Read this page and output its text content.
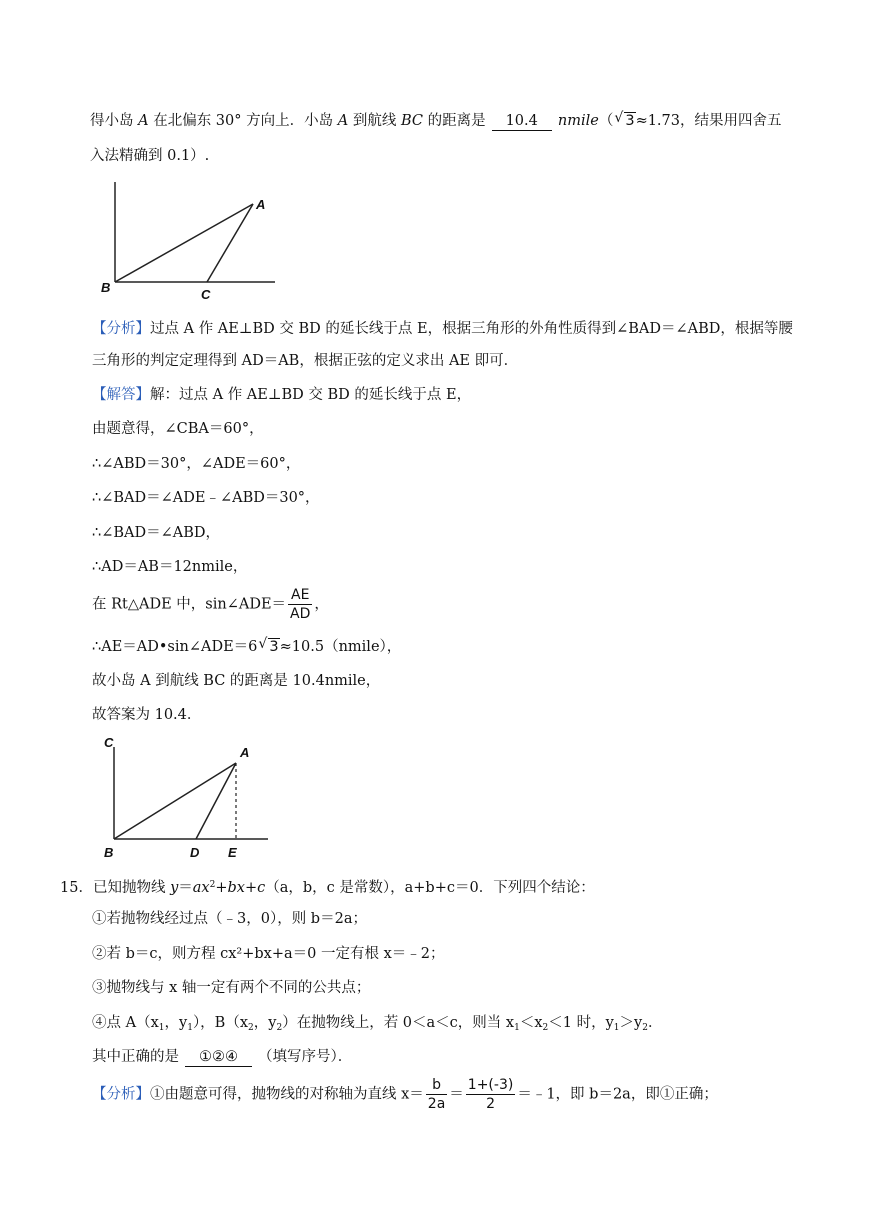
得小岛 A 在北偏东 30° 方向上．小岛 A 到航线 BC 的距离是 10.4 nmile（ √ 3≈1.73，结果用四舍五
入法精确到 0.1）.
A
B	C
【分析】过点 A 作 AE⊥BD 交 BD 的延长线于点 E，根据三角形的外角性质得到∠BAD＝∠ABD，根据等腰
三角形的判定定理得到 AD＝AB，根据正弦的定义求出 AE 即可．
【解答】解：过点 A 作 AE⊥BD 交 BD 的延长线于点 E，
由题意得，∠CBA＝60°，
∴∠ABD＝30°，∠ADE＝60°，
∴∠BAD＝∠ADE﹣∠ABD＝30°，
∴∠BAD＝∠ABD，
∴AD＝AB＝12nmile，
在 Rt△ADE 中，sin∠ADE＝ $\frac{AE}{AD}$ ，
∴AE＝AD•sin∠ADE＝6 √ 3≈10.5（nmile），
故小岛 A 到航线 BC 的距离是 10.4nmile，
故答案为 10.4．
A
B
C
D E
15．已知抛物线 $y=ax^2+bx+c(a$，b，c 是常数），a+b+c＝0．下列四个结论：
①若抛物线经过点（﹣3，0），则 b＝2a；
②若 b＝c，则方程 cx²+bx+a＝0 一定有根 x＝﹣2；
③抛物线与 x 轴一定有两个不同的公共点；
④点 $A(x_1$，$y_1$），$B(x_2$，$y_2$）在抛物线上，若 0＜a＜c，则当 $x_1<x_2<1$ 时，$y_1>y_2$．
其中正确的是 ①②④ （填写序号）．
【分析】①由题意可得，抛物线的对称轴为直线 $x= \frac{b}{2a} = \frac{1+(-3)}{2}$ ＝﹣1，即 b＝2a，即①正确；
